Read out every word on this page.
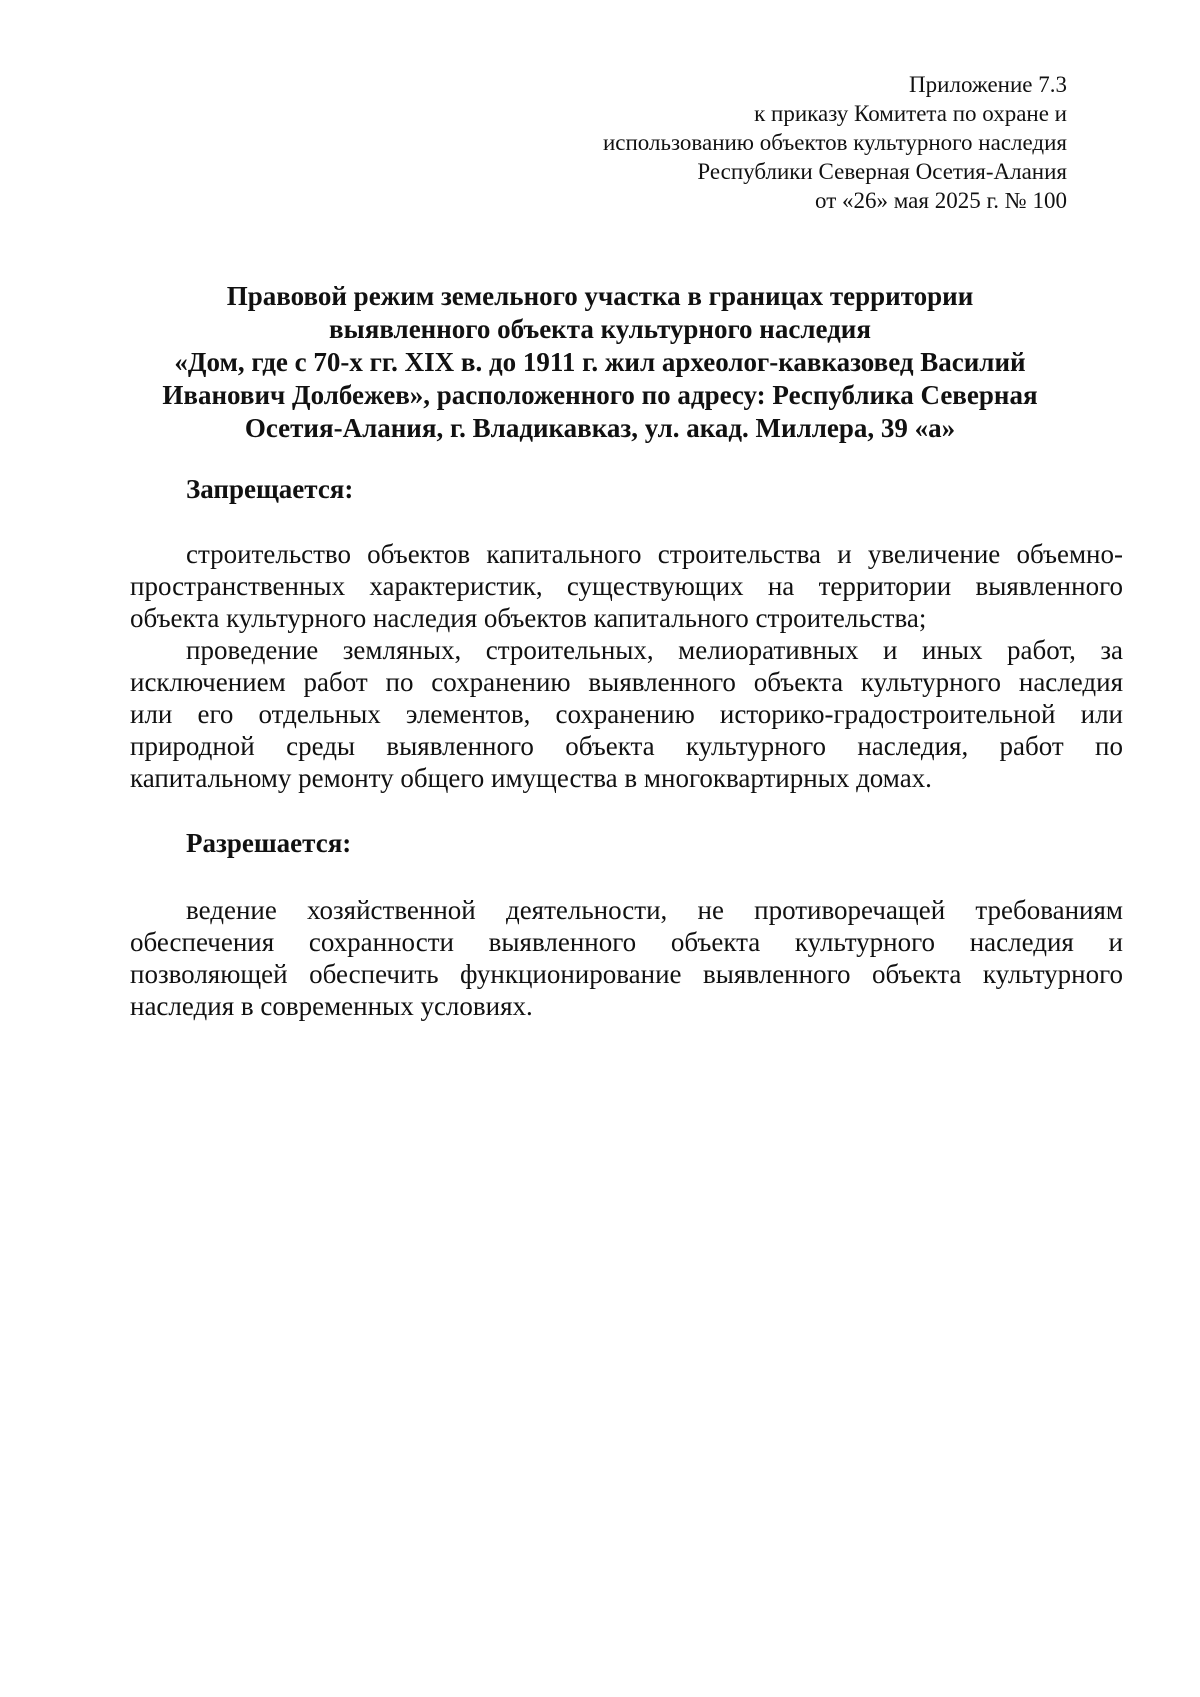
Приложение 7.3
к приказу Комитета по охране и
использованию объектов культурного наследия
Республики Северная Осетия-Алания
от «26» мая 2025 г. № 100
Правовой режим земельного участка в границах территории
выявленного объекта культурного наследия
«Дом, где с 70-х гг. XIX в. до 1911 г. жил археолог-кавказовед Василий
Иванович Долбежев», расположенного по адресу: Республика Северная
Осетия-Алания, г. Владикавказ, ул. акад. Миллера, 39 «а»
Запрещается:
строительство объектов капитального строительства и увеличение объемно-
пространственных характеристик, существующих на территории выявленного
объекта культурного наследия объектов капитального строительства;
проведение земляных, строительных, мелиоративных и иных работ, за
исключением работ по сохранению выявленного объекта культурного наследия
или его отдельных элементов, сохранению историко-градостроительной или
природной среды выявленного объекта культурного наследия, работ по
капитальному ремонту общего имущества в многоквартирных домах.
Разрешается:
ведение хозяйственной деятельности, не противоречащей требованиям
обеспечения сохранности выявленного объекта культурного наследия и
позволяющей обеспечить функционирование выявленного объекта культурного
наследия в современных условиях.
